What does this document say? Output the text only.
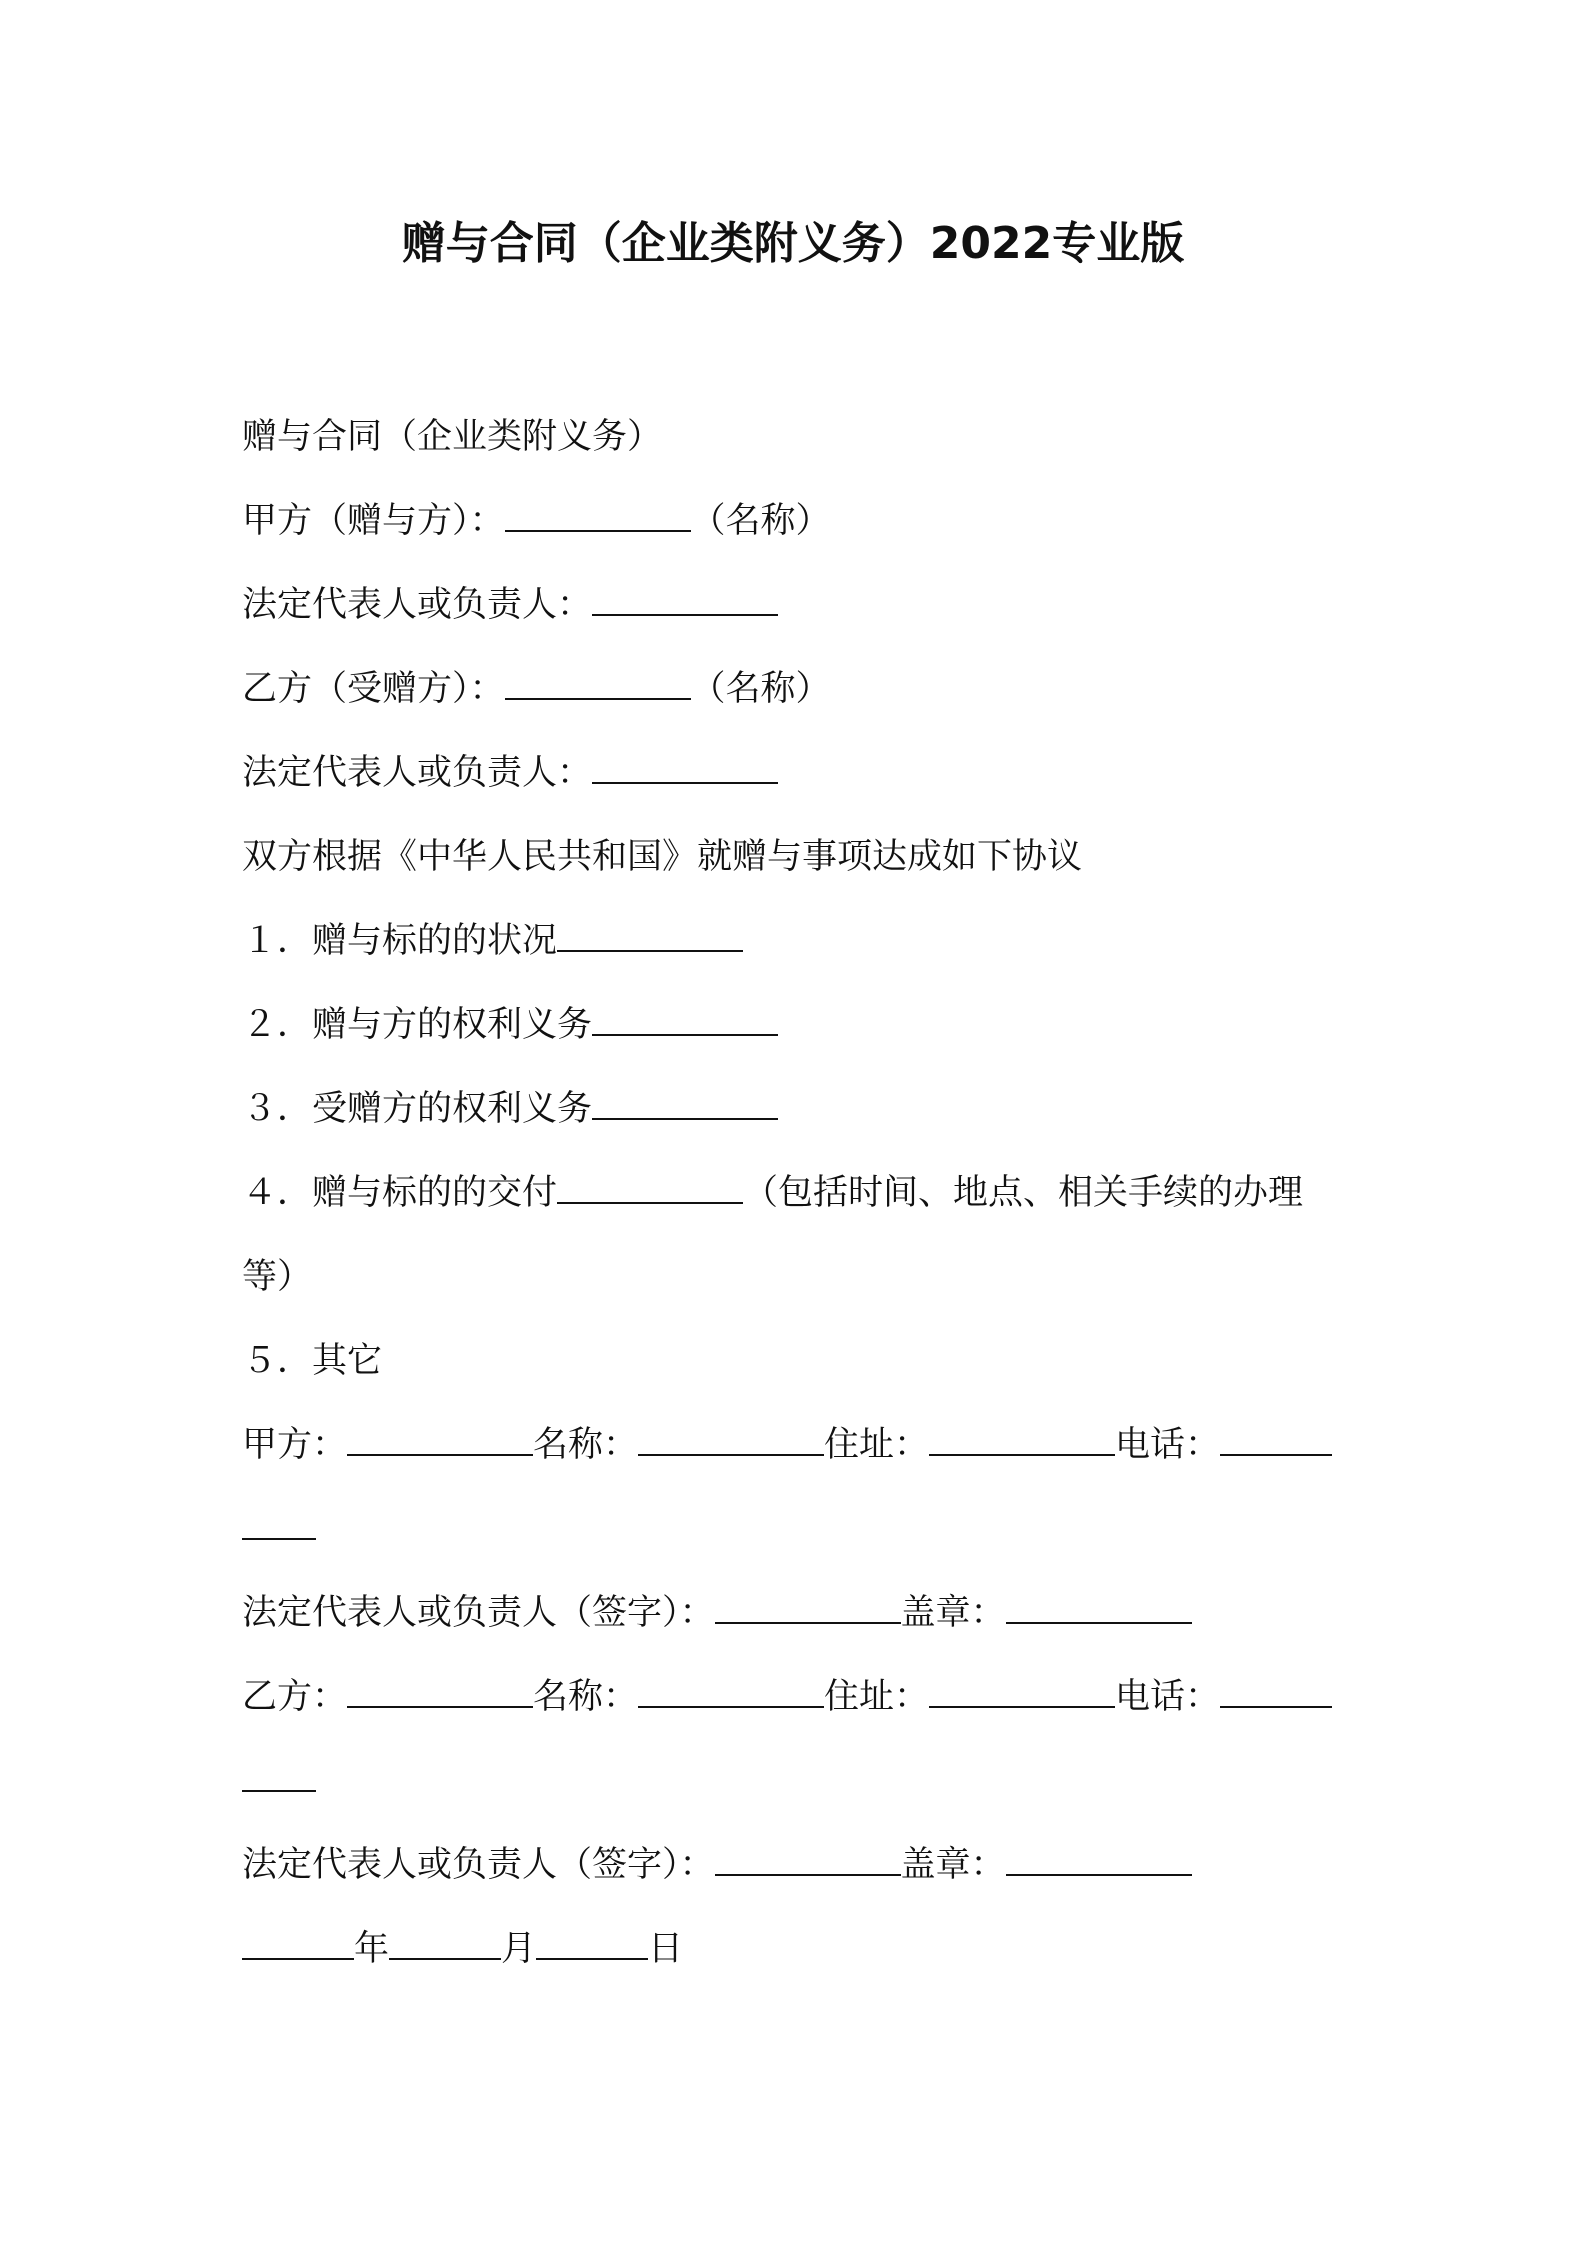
赠与合同（企业类附义务）2022专业版
赠与合同（企业类附义务）
甲方（赠与方）：	（名称）
法定代表人或负责人：
乙方（受赠方）：	（名称）
法定代表人或负责人：
双方根据《中华人民共和国》就赠与事项达成如下协议
１．赠与标的的状况
２．赠与方的权利义务
３．受赠方的权利义务
４．赠与标的的交付	（包括时间、地点、相关手续的办理
等）
５．其它
甲方：	名称：	住址：	电话：
法定代表人或负责人（签字）：	盖章：
乙方：	名称：	住址：	电话：
法定代表人或负责人（签字）：	盖章：
年	月	日
